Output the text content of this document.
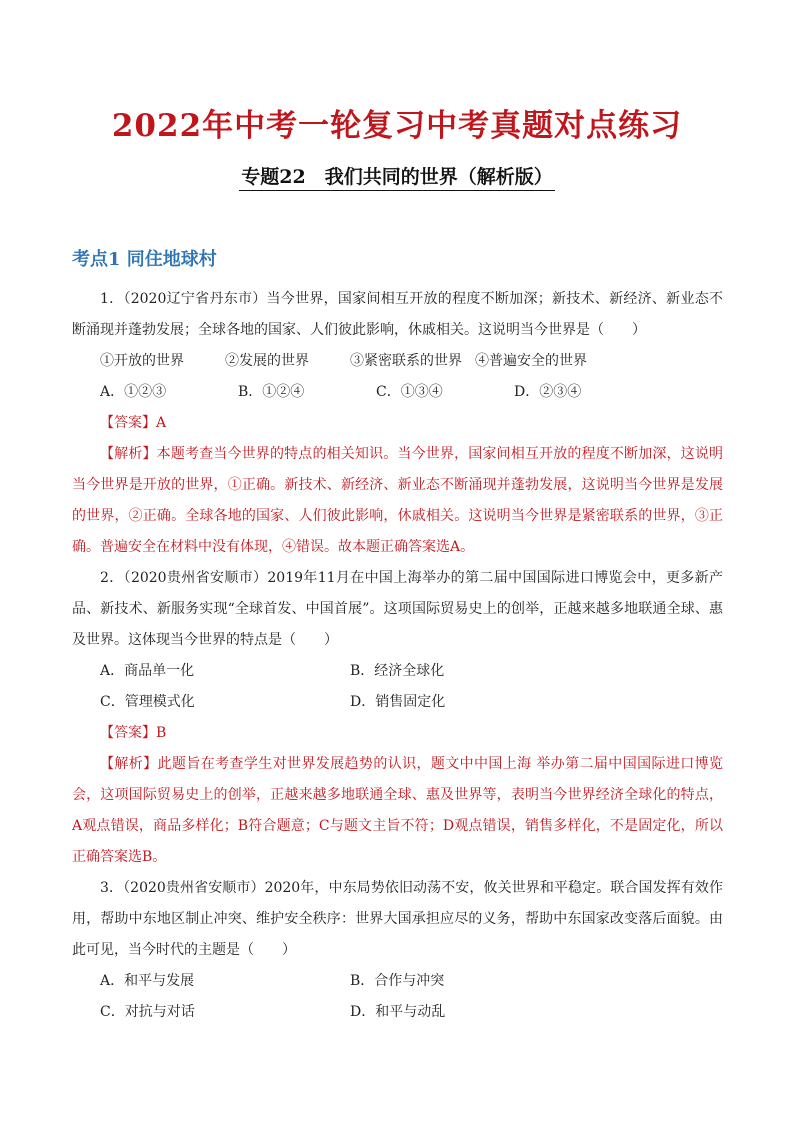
2022年中考一轮复习中考真题对点练习
专题22　我们共同的世界（解析版）
考点1 同住地球村

1．（2020辽宁省丹东市）当今世界，国家间相互开放的程度不断加深；新技术、新经济、新业态不断涌现并蓬勃发展；全球各地的国家、人们彼此影响，休戚相关。这说明当今世界是（　　）

①开放的世界	②发展的世界	③紧密联系的世界 ④普遍安全的世界
A．①②③	B．①②④	C．①③④	D．②③④

【答案】A

【解析】本题考查当今世界的特点的相关知识。当今世界，国家间相互开放的程度不断加深，这说明当今世界是开放的世界，①正确。新技术、新经济、新业态不断涌现并蓬勃发展，这说明当今世界是发展的世界，②正确。全球各地的国家、人们彼此影响，休戚相关。这说明当今世界是紧密联系的世界，③正确。普遍安全在材料中没有体现，④错误。故本题正确答案选A。

2．（2020贵州省安顺市）2019年11月在中国上海举办的第二届中国国际进口博览会中，更多新产品、新技术、新服务实现“全球首发、中国首展”。这项国际贸易史上的创举，正越来越多地联通全球、惠及世界。这体现当今世界的特点是（　　）

A．商品单一化	B．经济全球化
C．管理模式化	D．销售固定化

【答案】B

【解析】此题旨在考查学生对世界发展趋势的认识，题文中中国上海 举办第二届中国国际进口博览会，这项国际贸易史上的创举，正越来越多地联通全球、惠及世界等，表明当今世界经济全球化的特点，A观点错误，商品多样化；B符合题意；C与题文主旨不符；D观点错误，销售多样化，不是固定化，所以正确答案选B。

3．（2020贵州省安顺市）2020年，中东局势依旧动荡不安，攸关世界和平稳定。联合国发挥有效作用，帮助中东地区制止冲突、维护安全秩序：世界大国承担应尽的义务，帮助中东国家改变落后面貌。由此可见，当今时代的主题是（　　）

A．和平与发展	B．合作与冲突
C．对抗与对话	D．和平与动乱
